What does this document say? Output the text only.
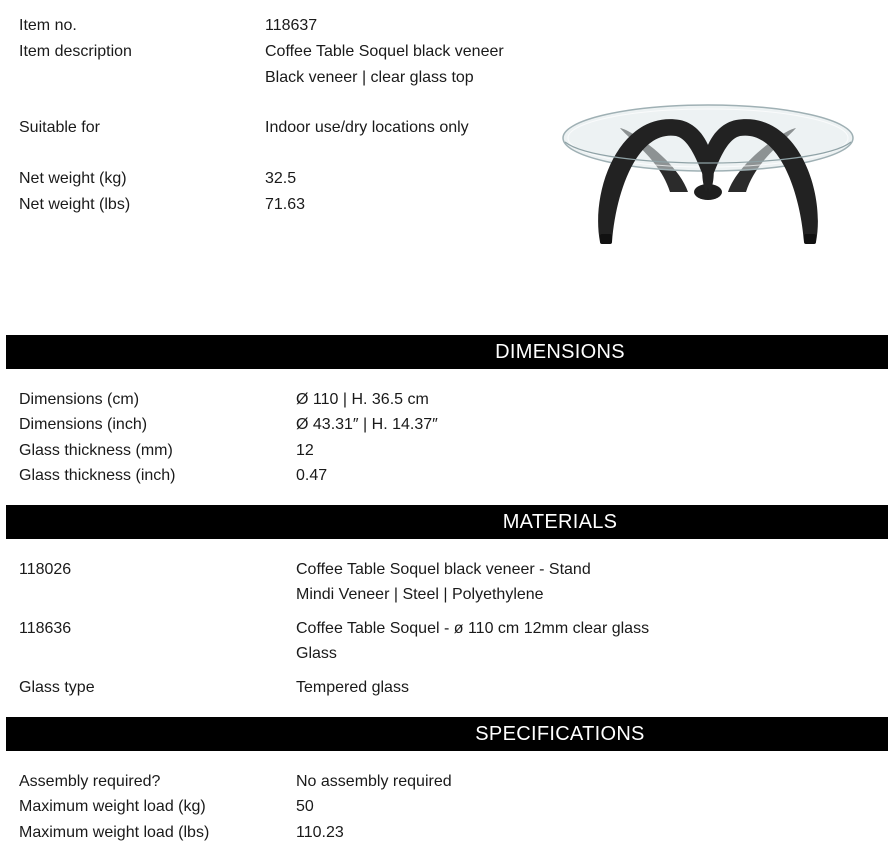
Item no.	118637
Item description	Coffee Table Soquel black veneer
Black veneer | clear glass top
Suitable for	Indoor use/dry locations only
Net weight (kg)	32.5
Net weight (lbs)	71.63
DIMENSIONS
Dimensions (cm)	Ø 110 | H. 36.5 cm
Dimensions (inch)	Ø 43.31″ | H. 14.37″
Glass thickness (mm)	12
Glass thickness (inch)	0.47
MATERIALS
118026	Coffee Table Soquel black veneer - Stand
Mindi Veneer | Steel | Polyethylene
118636	Coffee Table Soquel - ø 110 cm 12mm clear glass
Glass
Glass type	Tempered glass
SPECIFICATIONS
Assembly required?	No assembly required
Maximum weight load (kg)	50
Maximum weight load (lbs)	110.23
